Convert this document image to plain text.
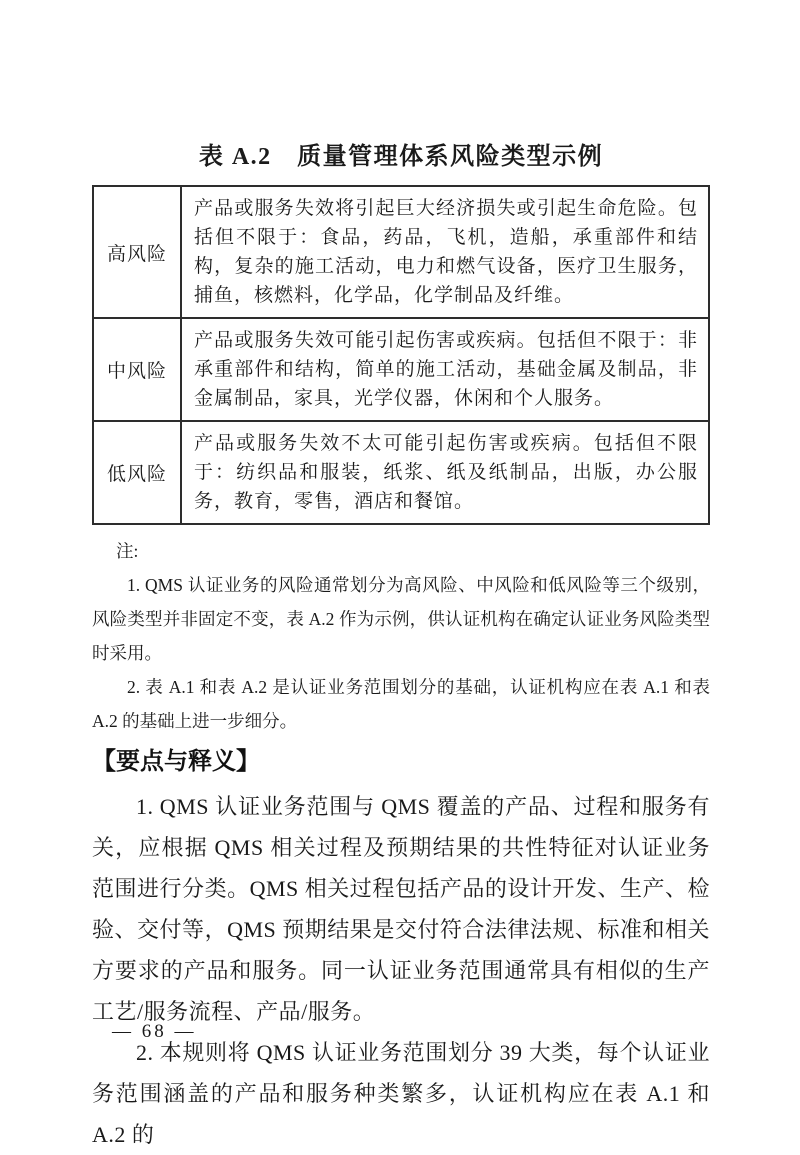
表 A.2　质量管理体系风险类型示例
高风险	产品或服务失效将引起巨大经济损失或引起生命危险。包括但不限于：食品，药品，飞机，造船，承重部件和结构，复杂的施工活动，电力和燃气设备，医疗卫生服务，捕鱼，核燃料，化学品，化学制品及纤维。
中风险	产品或服务失效可能引起伤害或疾病。包括但不限于：非承重部件和结构，简单的施工活动，基础金属及制品，非金属制品，家具，光学仪器，休闲和个人服务。
低风险	产品或服务失效不太可能引起伤害或疾病。包括但不限于：纺织品和服装，纸浆、纸及纸制品，出版，办公服务，教育，零售，酒店和餐馆。
注:

1. QMS 认证业务的风险通常划分为高风险、中风险和低风险等三个级别，风险类型并非固定不变，表 A.2 作为示例，供认证机构在确定认证业务风险类型时采用。

2. 表 A.1 和表 A.2 是认证业务范围划分的基础，认证机构应在表 A.1 和表 A.2 的基础上进一步细分。

【要点与释义】

1. QMS 认证业务范围与 QMS 覆盖的产品、过程和服务有关，应根据 QMS 相关过程及预期结果的共性特征对认证业务范围进行分类。QMS 相关过程包括产品的设计开发、生产、检验、交付等，QMS 预期结果是交付符合法律法规、标准和相关方要求的产品和服务。同一认证业务范围通常具有相似的生产工艺/服务流程、产品/服务。

2. 本规则将 QMS 认证业务范围划分 39 大类，每个认证业务范围涵盖的产品和服务种类繁多，认证机构应在表 A.1 和 A.2 的

— 68 —
